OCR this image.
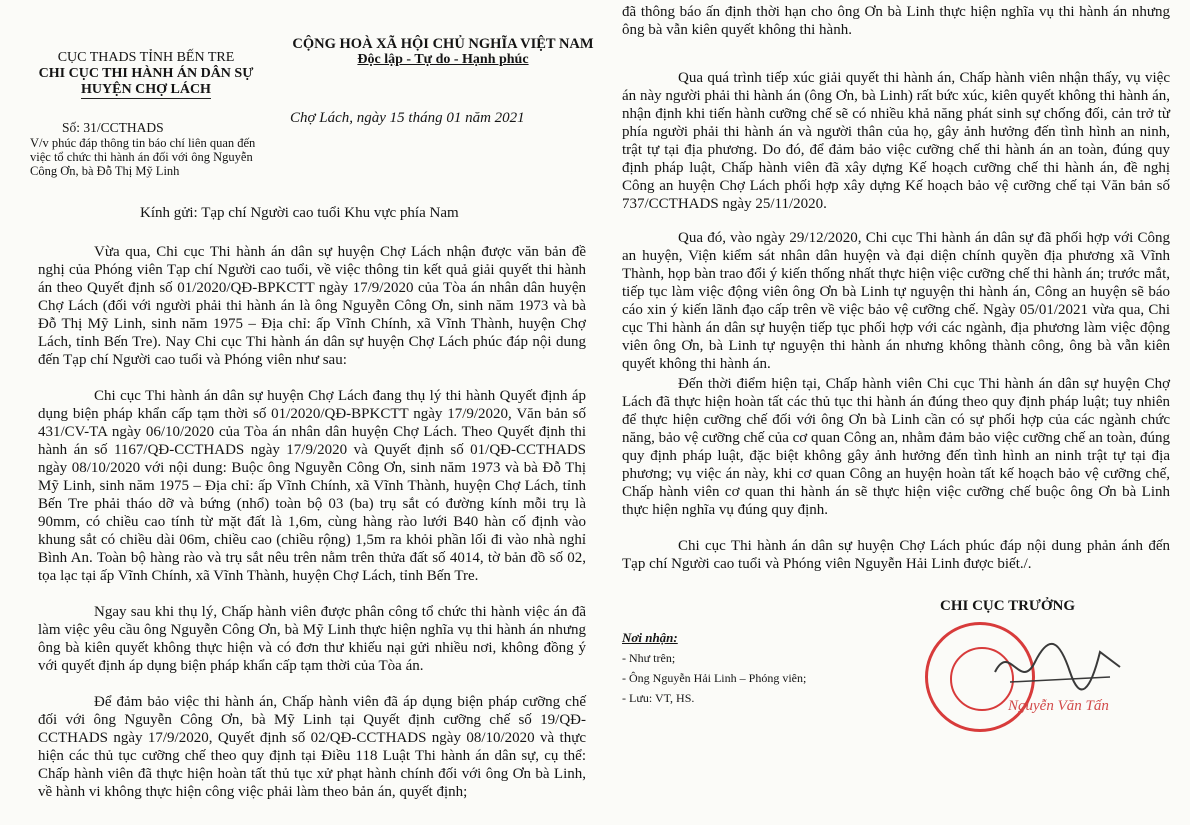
CỤC THADS TỈNH BẾN TRE
CHI CỤC THI HÀNH ÁN DÂN SỰ
HUYỆN CHỢ LÁCH
CỘNG HOÀ XÃ HỘI CHỦ NGHĨA VIỆT NAM
Độc lập - Tự do - Hạnh phúc
Số: 31/CCTHADS
V/v phúc đáp thông tin báo chí liên quan đến việc tổ chức thi hành án đối với ông Nguyễn Công Ơn, bà Đỗ Thị Mỹ Linh
Chợ Lách, ngày 15 tháng 01 năm 2021
Kính gửi: Tạp chí Người cao tuổi Khu vực phía Nam

Vừa qua, Chi cục Thi hành án dân sự huyện Chợ Lách nhận được văn bản đề nghị của Phóng viên Tạp chí Người cao tuổi, về việc thông tin kết quả giải quyết thi hành án theo Quyết định số 01/2020/QĐ-BPKCTT ngày 17/9/2020 của Tòa án nhân dân huyện Chợ Lách (đối với người phải thi hành án là ông Nguyễn Công Ơn, sinh năm 1973 và bà Đỗ Thị Mỹ Linh, sinh năm 1975 – Địa chỉ: ấp Vĩnh Chính, xã Vĩnh Thành, huyện Chợ Lách, tỉnh Bến Tre). Nay Chi cục Thi hành án dân sự huyện Chợ Lách phúc đáp nội dung đến Tạp chí Người cao tuổi và Phóng viên như sau:

Chi cục Thi hành án dân sự huyện Chợ Lách đang thụ lý thi hành Quyết định áp dụng biện pháp khẩn cấp tạm thời số 01/2020/QĐ-BPKCTT ngày 17/9/2020, Văn bản số 431/CV-TA ngày 06/10/2020 của Tòa án nhân dân huyện Chợ Lách. Theo Quyết định thi hành án số 1167/QĐ-CCTHADS ngày 17/9/2020 và Quyết định số 01/QĐ-CCTHADS ngày 08/10/2020 với nội dung: Buộc ông Nguyễn Công Ơn, sinh năm 1973 và bà Đỗ Thị Mỹ Linh, sinh năm 1975 – Địa chỉ: ấp Vĩnh Chính, xã Vĩnh Thành, huyện Chợ Lách, tỉnh Bến Tre phải tháo dỡ và bứng (nhổ) toàn bộ 03 (ba) trụ sắt có đường kính mỗi trụ là 90mm, có chiều cao tính từ mặt đất là 1,6m, cùng hàng rào lưới B40 hàn cố định vào khung sắt có chiều dài 06m, chiều cao (chiều rộng) 1,5m ra khỏi phần lối đi vào nhà nghỉ Bình An. Toàn bộ hàng rào và trụ sắt nêu trên nằm trên thửa đất số 4014, tờ bản đồ số 02, tọa lạc tại ấp Vĩnh Chính, xã Vĩnh Thành, huyện Chợ Lách, tỉnh Bến Tre.

Ngay sau khi thụ lý, Chấp hành viên được phân công tổ chức thi hành việc án đã làm việc yêu cầu ông Nguyễn Công Ơn, bà Mỹ Linh thực hiện nghĩa vụ thi hành án nhưng ông bà kiên quyết không thực hiện và có đơn thư khiếu nại gửi nhiều nơi, không đồng ý với quyết định áp dụng biện pháp khẩn cấp tạm thời của Tòa án.

Để đảm bảo việc thi hành án, Chấp hành viên đã áp dụng biện pháp cưỡng chế đối với ông Nguyễn Công Ơn, bà Mỹ Linh tại Quyết định cưỡng chế số 19/QĐ-CCTHADS ngày 17/9/2020, Quyết định số 02/QĐ-CCTHADS ngày 08/10/2020 và thực hiện các thủ tục cưỡng chế theo quy định tại Điều 118 Luật Thi hành án dân sự, cụ thể: Chấp hành viên đã thực hiện hoàn tất thủ tục xử phạt hành chính đối với ông Ơn bà Linh, về hành vi không thực hiện công việc phải làm theo bản án, quyết định;

đã thông báo ấn định thời hạn cho ông Ơn bà Linh thực hiện nghĩa vụ thi hành án nhưng ông bà vẫn kiên quyết không thi hành.

Qua quá trình tiếp xúc giải quyết thi hành án, Chấp hành viên nhận thấy, vụ việc án này người phải thi hành án (ông Ơn, bà Linh) rất bức xúc, kiên quyết không thi hành án, nhận định khi tiến hành cưỡng chế sẽ có nhiều khả năng phát sinh sự chống đối, cản trở từ phía người phải thi hành án và người thân của họ, gây ảnh hưởng đến tình hình an ninh, trật tự tại địa phương. Do đó, để đảm bảo việc cưỡng chế thi hành án an toàn, đúng quy định pháp luật, Chấp hành viên đã xây dựng Kế hoạch cưỡng chế thi hành án, đề nghị Công an huyện Chợ Lách phối hợp xây dựng Kế hoạch bảo vệ cưỡng chế tại Văn bản số 737/CCTHADS ngày 25/11/2020.

Qua đó, vào ngày 29/12/2020, Chi cục Thi hành án dân sự đã phối hợp với Công an huyện, Viện kiểm sát nhân dân huyện và đại diện chính quyền địa phương xã Vĩnh Thành, họp bàn trao đổi ý kiến thống nhất thực hiện việc cưỡng chế thi hành án; trước mắt, tiếp tục làm việc động viên ông Ơn bà Linh tự nguyện thi hành án, Công an huyện sẽ báo cáo xin ý kiến lãnh đạo cấp trên về việc bảo vệ cưỡng chế. Ngày 05/01/2021 vừa qua, Chi cục Thi hành án dân sự huyện tiếp tục phối hợp với các ngành, địa phương làm việc động viên ông Ơn, bà Linh tự nguyện thi hành án nhưng không thành công, ông bà vẫn kiên quyết không thi hành án.

Đến thời điểm hiện tại, Chấp hành viên Chi cục Thi hành án dân sự huyện Chợ Lách đã thực hiện hoàn tất các thủ tục thi hành án đúng theo quy định pháp luật; tuy nhiên để thực hiện cưỡng chế đối với ông Ơn bà Linh cần có sự phối hợp của các ngành chức năng, bảo vệ cưỡng chế của cơ quan Công an, nhằm đảm bảo việc cưỡng chế an toàn, đúng quy định pháp luật, đặc biệt không gây ảnh hưởng đến tình hình an ninh trật tự tại địa phương; vụ việc án này, khi cơ quan Công an huyện hoàn tất kế hoạch bảo vệ cưỡng chế, Chấp hành viên cơ quan thi hành án sẽ thực hiện việc cưỡng chế buộc ông Ơn bà Linh thực hiện nghĩa vụ đúng quy định.

Chi cục Thi hành án dân sự huyện Chợ Lách phúc đáp nội dung phản ánh đến Tạp chí Người cao tuổi và Phóng viên Nguyễn Hải Linh được biết./.

Nơi nhận:
- Như trên;
- Ông Nguyễn Hải Linh – Phóng viên;
- Lưu: VT, HS.
CHI CỤC TRƯỞNG
Nguyễn Văn Tấn
